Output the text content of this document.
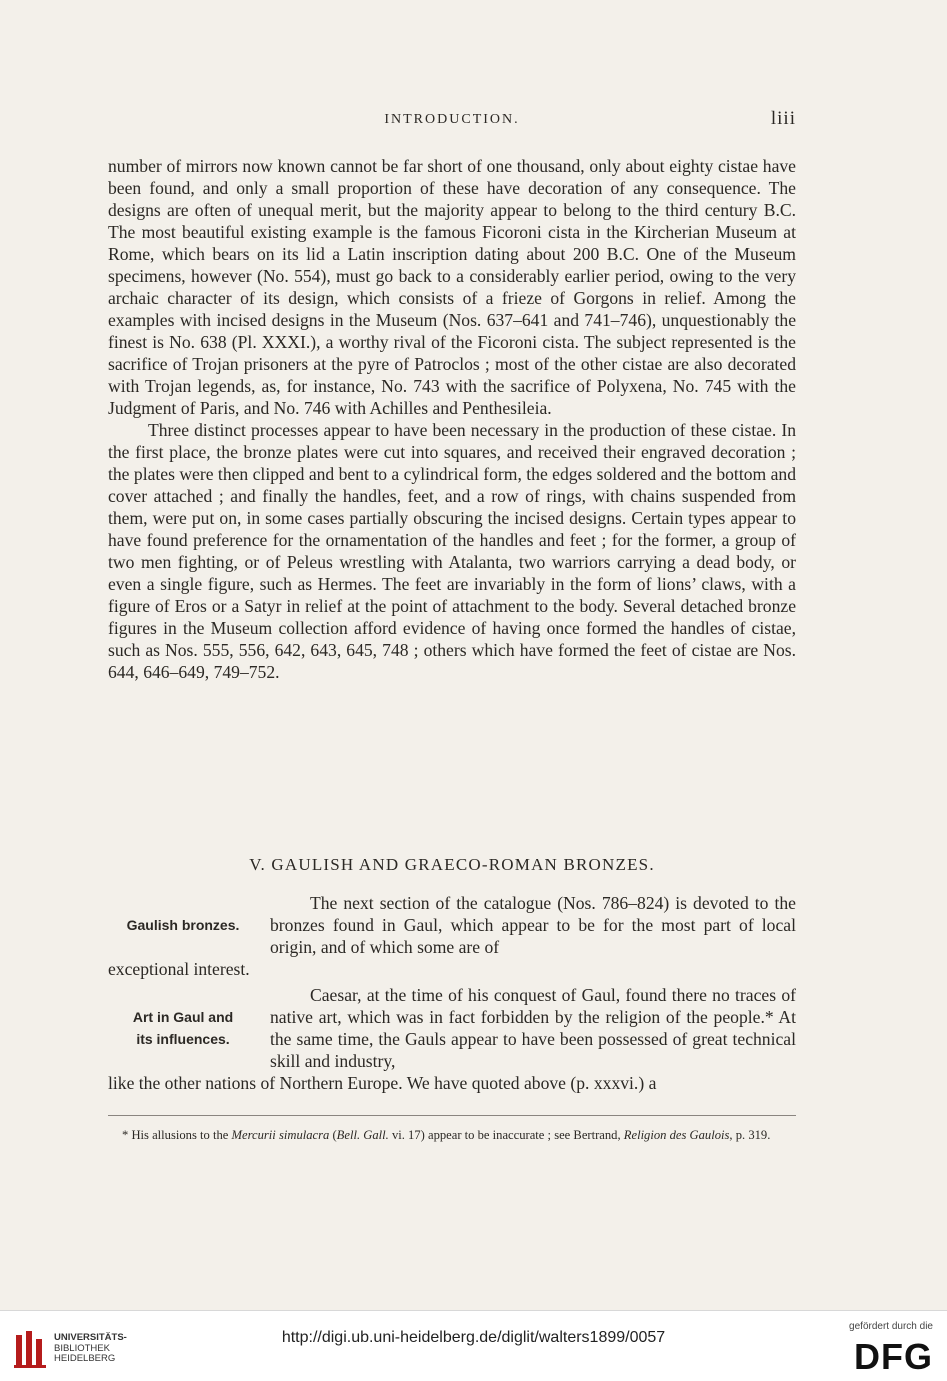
INTRODUCTION.	liii

number of mirrors now known cannot be far short of one thousand, only about eighty cistae have been found, and only a small proportion of these have decoration of any consequence. The designs are often of unequal merit, but the majority appear to belong to the third century B.C. The most beautiful existing example is the famous Ficoroni cista in the Kircherian Museum at Rome, which bears on its lid a Latin inscription dating about 200 B.C. One of the Museum specimens, however (No. 554), must go back to a considerably earlier period, owing to the very archaic character of its design, which consists of a frieze of Gorgons in relief. Among the examples with incised designs in the Museum (Nos. 637–641 and 741–746), unquestionably the finest is No. 638 (Pl. XXXI.), a worthy rival of the Ficoroni cista. The subject represented is the sacrifice of Trojan prisoners at the pyre of Patroclos ; most of the other cistae are also decorated with Trojan legends, as, for instance, No. 743 with the sacrifice of Polyxena, No. 745 with the Judgment of Paris, and No. 746 with Achilles and Penthesileia.

Three distinct processes appear to have been necessary in the production of these cistae. In the first place, the bronze plates were cut into squares, and received their engraved decoration ; the plates were then clipped and bent to a cylindrical form, the edges soldered and the bottom and cover attached ; and finally the handles, feet, and a row of rings, with chains suspended from them, were put on, in some cases partially obscuring the incised designs. Certain types appear to have found preference for the ornamentation of the handles and feet ; for the former, a group of two men fighting, or of Peleus wrestling with Atalanta, two warriors carrying a dead body, or even a single figure, such as Hermes. The feet are invariably in the form of lions’ claws, with a figure of Eros or a Satyr in relief at the point of attachment to the body. Several detached bronze figures in the Museum collection afford evidence of having once formed the handles of cistae, such as Nos. 555, 556, 642, 643, 645, 748 ; others which have formed the feet of cistae are Nos. 644, 646–649, 749–752.

V. GAULISH AND GRAECO-ROMAN BRONZES.
Gaulish bronzes.
The next section of the catalogue (Nos. 786–824) is devoted to the bronzes found in Gaul, which appear to be for the most part of local origin, and of which some are of
exceptional interest.
Art in Gaul and
its influences.
Caesar, at the time of his conquest of Gaul, found there no traces of native art, which was in fact forbidden by the religion of the people.* At the same time, the Gauls appear to have been possessed of great technical skill and industry,
like the other nations of Northern Europe. We have quoted above (p. xxxvi.) a

* His allusions to the Mercurii simulacra (Bell. Gall. vi. 17) appear to be inaccurate ; see Bertrand, Religion des Gaulois, p. 319.

UNIVERSITÄTS-
BIBLIOTHEK
HEIDELBERG
http://digi.ub.uni-heidelberg.de/diglit/walters1899/0057
gefördert durch die
DFG
